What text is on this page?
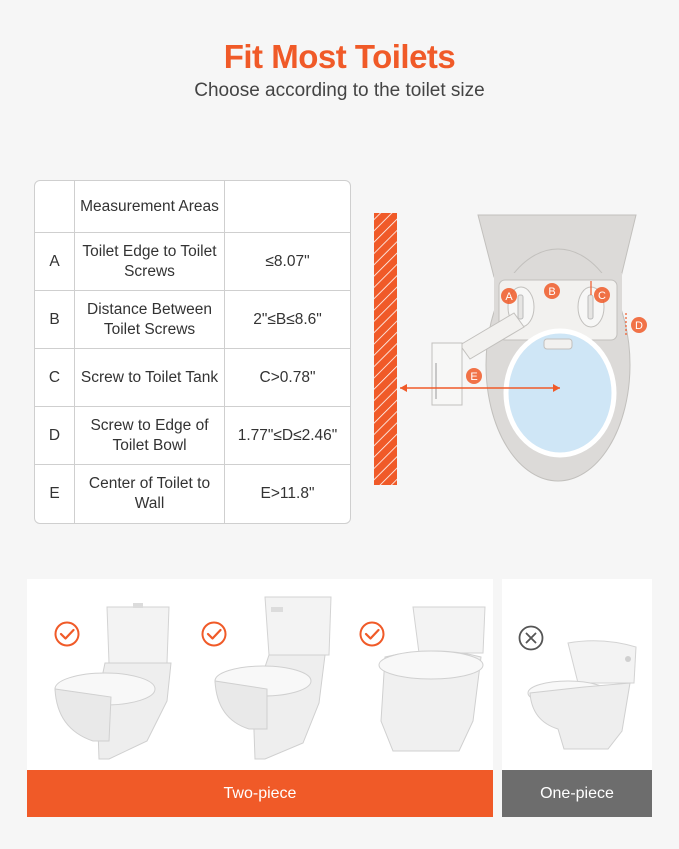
Fit Most Toilets
Choose according to the toilet size
	Measurement Areas	
A	Toilet Edge to Toilet Screws	≤8.07"
B	Distance Between Toilet Screws	2"≤B≤8.6"
C	Screw to Toilet Tank	C>0.78"
D	Screw to Edge of Toilet Bowl	1.77"≤D≤2.46"
E	Center of Toilet to Wall	E>11.8"
A	B	C
D
E
Two-piece	One-piece
